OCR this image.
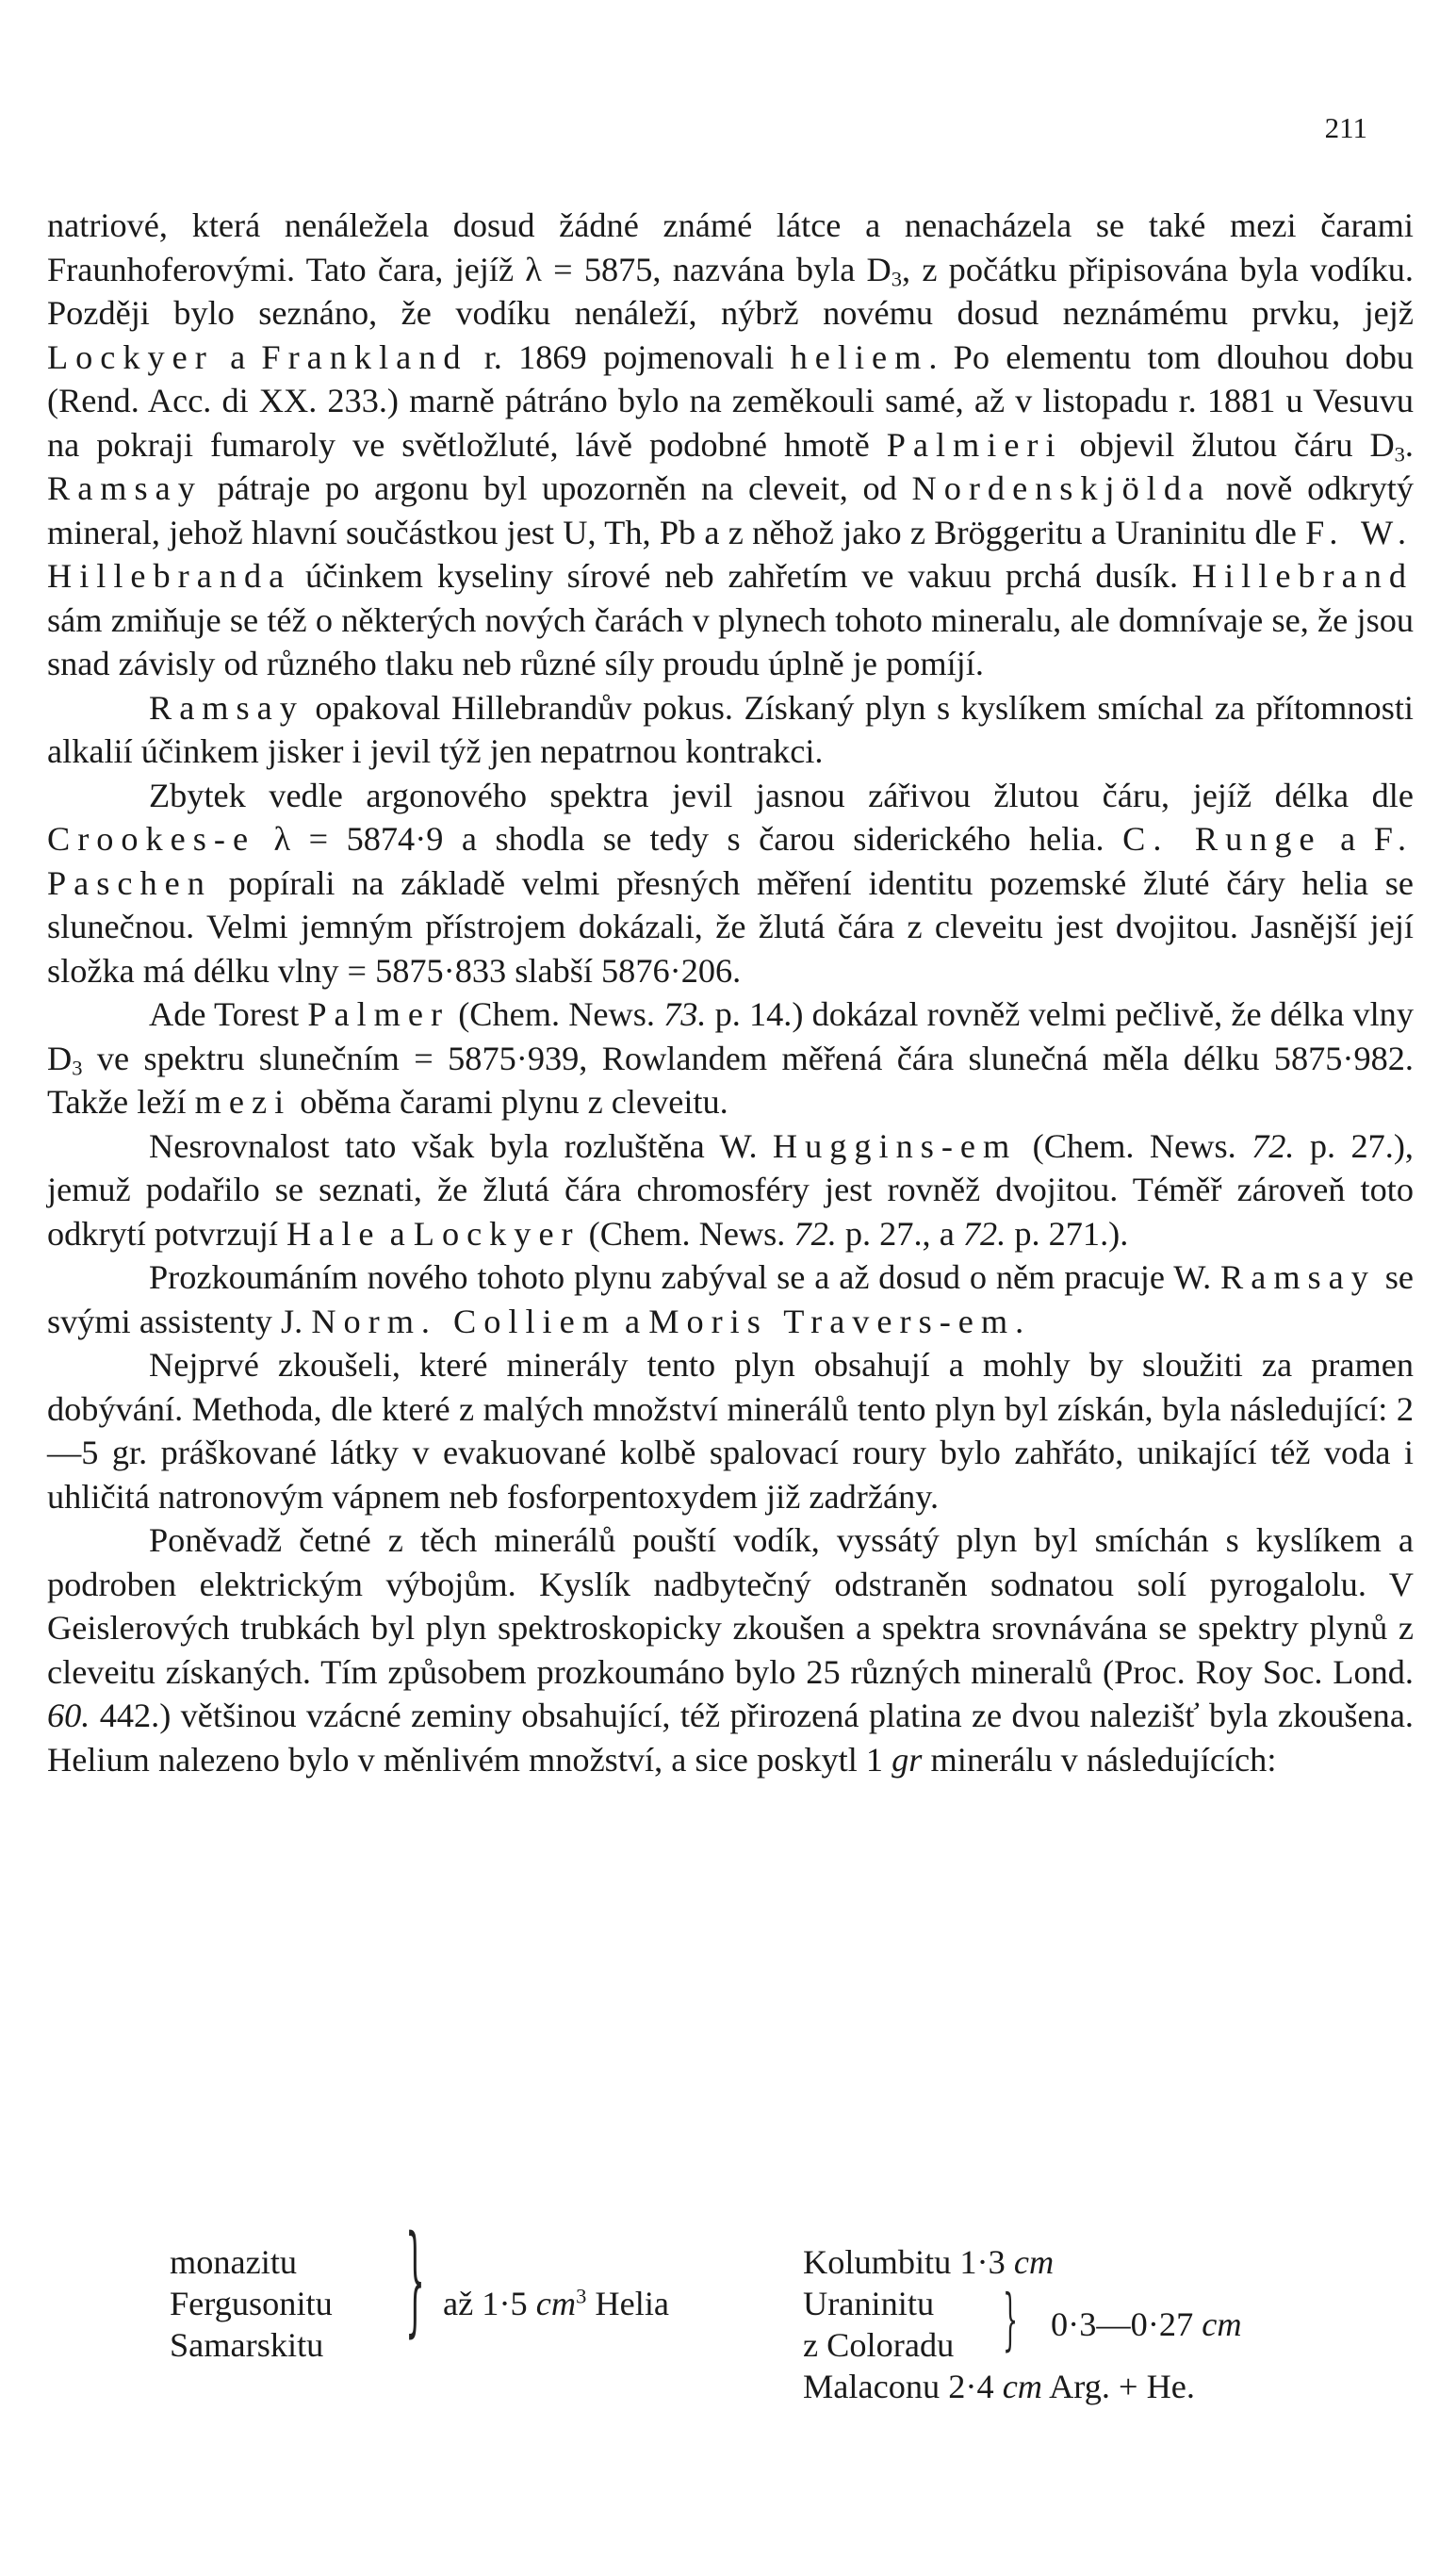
211

natriové, která nenáležela dosud žádné známé látce a nenacházela se také mezi čarami Fraunhoferovými. Tato čara, jejíž λ = 5875, nazvána byla $D_3$, z počátku připisována byla vodíku. Později bylo seznáno, že vodíku nenáleží, nýbrž novému dosud neznámému prvku, jejž Lockyer a Frankland r. 1869 pojmenovali heliem. Po elementu tom dlouhou dobu (Rend. Acc. di XX. 233.) marně pátráno bylo na zeměkouli samé, až v listopadu r. 1881 u Vesuvu na pokraji fumaroly ve světložluté, lávě podobné hmotě Palmieri objevil žlutou čáru $D_3$. Ramsay pátraje po argonu byl upozorněn na cleveit, od Nordenskjölda nově odkrytý mineral, jehož hlavní součástkou jest U, Th, Pb a z něhož jako z Bröggeritu a Uraninitu dle F. W. Hillebranda účinkem kyseliny sírové neb zahřetím ve vakuu prchá dusík. Hillebrand sám zmiňuje se též o některých nových čarách v plynech tohoto mineralu, ale domnívaje se, že jsou snad závisly od různého tlaku neb různé síly proudu úplně je pomíjí.

Ramsay opakoval Hillebrandův pokus. Získaný plyn s kyslíkem smíchal za přítomnosti alkalií účinkem jisker i jevil týž jen nepatrnou kontrakci.

Zbytek vedle argonového spektra jevil jasnou zářivou žlutou čáru, jejíž délka dle Crookes-e λ = 5874·9 a shodla se tedy s čarou siderického helia. C. Runge a F. Paschen popírali na základě velmi přesných měření identitu pozemské žluté čáry helia se slunečnou. Velmi jemným přístrojem dokázali, že žlutá čára z cleveitu jest dvojitou. Jasnější její složka má délku vlny = 5875·833 slabší 5876·206.

Ade Torest Palmer (Chem. News. 73. p. 14.) dokázal rovněž velmi pečlivě, že délka vlny $D_3$ ve spektru slunečním = 5875·939, Rowlandem měřená čára slunečná měla délku 5875·982. Takže leží mezi oběma čarami plynu z cleveitu.

Nesrovnalost tato však byla rozluštěna W. Huggins-em (Chem. News. 72. p. 27.), jemuž podařilo se seznati, že žlutá čára chromosféry jest rovněž dvojitou. Téměř zároveň toto odkrytí potvrzují Hale a Lockyer (Chem. News. 72. p. 27., a 72. p. 271.).

Prozkoumáním nového tohoto plynu zabýval se a až dosud o něm pracuje W. Ramsay se svými assistenty J. Norm. Colliem a Moris Travers-em.

Nejprvé zkoušeli, které minerály tento plyn obsahují a mohly by sloužiti za pramen dobývání. Methoda, dle které z malých množství minerálů tento plyn byl získán, byla následující: 2—5 gr. práškované látky v evakuované kolbě spalovací roury bylo zahřáto, unikající též voda i uhličitá natronovým vápnem neb fosforpentoxydem již zadržány.

Poněvadž četné z těch minerálů pouští vodík, vyssátý plyn byl smíchán s kyslíkem a podroben elektrickým výbojům. Kyslík nadbytečný odstraněn sodnatou solí pyrogalolu. V Geislerových trubkách byl plyn spektroskopicky zkoušen a spektra srovnávána se spektry plynů z cleveitu získaných. Tím způsobem prozkoumáno bylo 25 různých mineralů (Proc. Roy Soc. Lond. 60. 442.) většinou vzácné zeminy obsahující, též přirozená platina ze dvou nalezišť byla zkoušena. Helium nalezeno bylo v měnlivém množství, a sice poskytl 1 gr minerálu v následujících:

monazitu
Fergusonitu
Samarskitu } až 1·5 $cm^3$ Helia
Kolumbitu 1·3 cm
Uraninitu
z Coloradu
Malaconu 2·4 cm Arg. + He.
} 0·3—0·27 cm
